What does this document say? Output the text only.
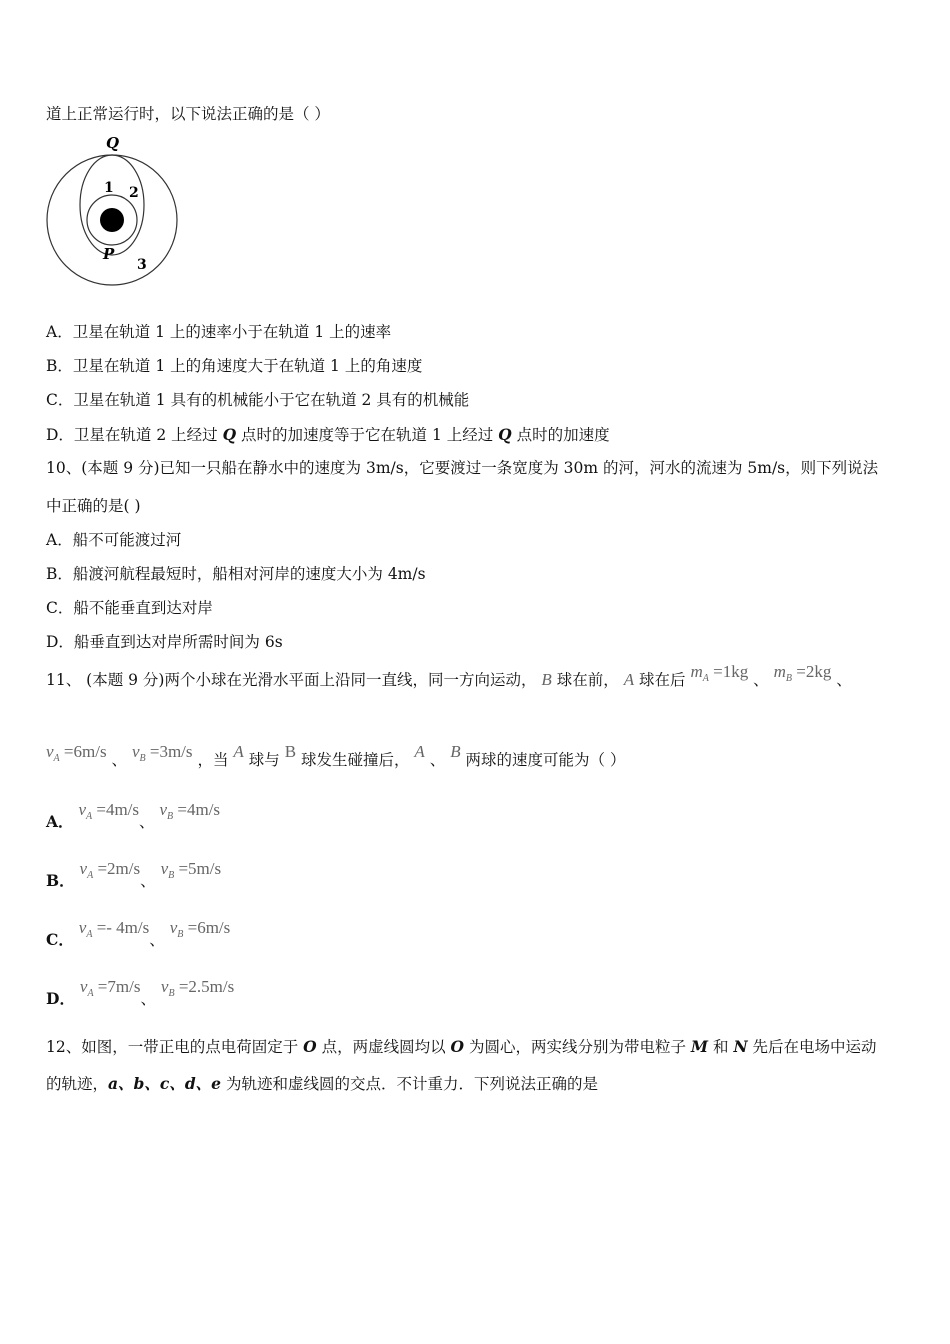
道上正常运行时，以下说法正确的是（ ）
Q
1 2
P
3
A．卫星在轨道 1 上的速率小于在轨道 1 上的速率
B．卫星在轨道 1 上的角速度大于在轨道 1 上的角速度
C．卫星在轨道 1 具有的机械能小于它在轨道 2 具有的机械能
D．卫星在轨道 2 上经过 Q 点时的加速度等于它在轨道 1 上经过 Q 点时的加速度
10、(本题 9 分)已知一只船在静水中的速度为 3m/s，它要渡过一条宽度为 30m 的河，河水的流速为 5m/s，则下列说法
中正确的是( )
A．船不可能渡过河
B．船渡河航程最短时，船相对河岸的速度大小为 4m/s
C．船不能垂直到达对岸
D．船垂直到达对岸所需时间为 6s
11、 (本题 9 分)两个小球在光滑水平面上沿同一直线，同一方向运动， B 球在前， A 球在后 $m_A =1kg$ 、 $m_B =2kg$ 、
$v_A =6m/s$ 、 $v_B =3m/s$ ，当 A 球与 B 球发生碰撞后， A 、 B 两球的速度可能为（ ）
A． $v_A =4m/s$、 $v_B =4m/s$
B． $v_A =2m/s$、 $v_B =5m/s$
C． $v_A =- 4m/s$、 $v_B =6m/s$
D． $v_A =7m/s$、 $v_B =2.5m/s$
12、如图，一带正电的点电荷固定于 O 点，两虚线圆均以 O 为圆心，两实线分别为带电粒子 M 和 N 先后在电场中运动
的轨迹，a、b、c、d、e 为轨迹和虚线圆的交点．不计重力．下列说法正确的是
